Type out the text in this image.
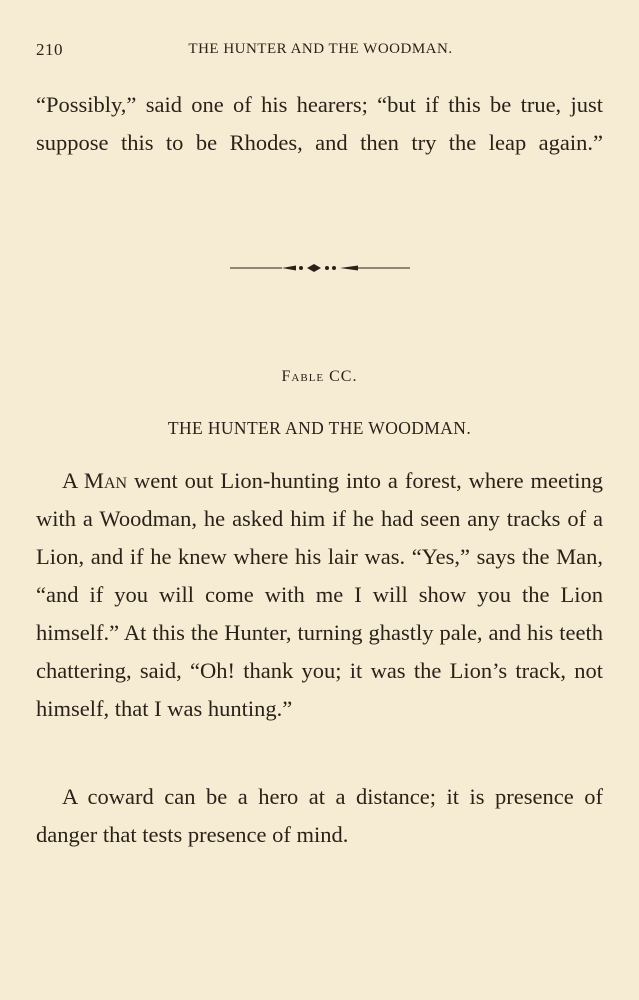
210	THE HUNTER AND THE WOODMAN.

“Possibly,” said one of his hearers; “but if this be true, just suppose this to be Rhodes, and then try the leap again.”

Fable CC.
THE HUNTER AND THE WOODMAN.

A Man went out Lion-hunting into a forest, where meeting with a Woodman, he asked him if he had seen any tracks of a Lion, and if he knew where his lair was. “Yes,” says the Man, “and if you will come with me I will show you the Lion himself.” At this the Hunter, turning ghastly pale, and his teeth chattering, said, “Oh! thank you; it was the Lion’s track, not himself, that I was hunting.”

A coward can be a hero at a distance; it is presence of danger that tests presence of mind.
